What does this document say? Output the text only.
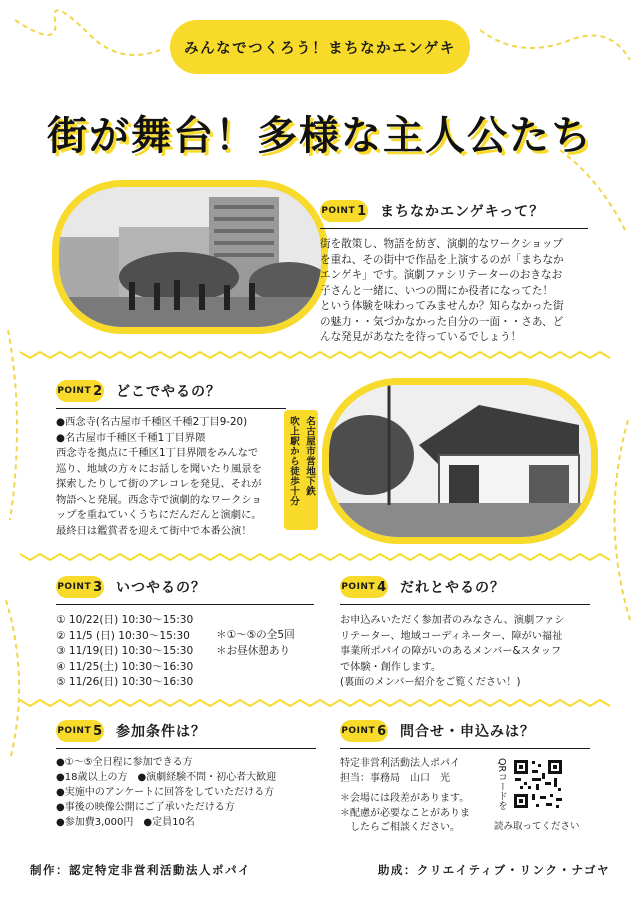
みんなでつくろう！まちなかエンゲキ
街が舞台！多様な主人公たち
POINT 1 まちなかエンゲキって？
街を散策し、物語を紡ぎ、演劇的なワークショップ
を重ね、その街中で作品を上演するのが「まちなか
エンゲキ」です。演劇ファシリテーターのおきなお
子さんと一緒に、いつの間にか役者になってた！
という体験を味わってみませんか？知らなかった街
の魅力・・気づかなかった自分の一面・・さあ、ど
んな発見があなたを待っているでしょう！
POINT 2 どこでやるの？
●西念寺(名古屋市千種区千種2丁目9-20)
●名古屋市千種区千種1丁目界隈
西念寺を拠点に千種区1丁目界隈をみんなで
巡り、地域の方々にお話しを聞いたり風景を
探索したりして街のアレコレを発見、それが
物語へと発展。西念寺で演劇的なワークショ
ップを重ねていくうちにだんだんと演劇に。
最終日は鑑賞者を迎えて街中で本番公演！
名古屋市営地下鉄
吹上駅から徒歩十分
POINT 3 いつやるの？
① 10/22(日) 10:30～15:30
② 11/5 (日) 10:30～15:30
③ 11/19(日) 10:30～15:30
④ 11/25(土) 10:30～16:30
⑤ 11/26(日) 10:30～16:30
＊①～⑤の全5回
＊お昼休憩あり
POINT 4 だれとやるの？
お申込みいただく参加者のみなさん、演劇ファシ
リテーター、地域コーディネーター、障がい福祉
事業所ポパイの障がいのあるメンバー&スタッフ
で体験・創作します。
(裏面のメンバー紹介をご覧ください！)
POINT 5 参加条件は？
●①～⑤全日程に参加できる方
●18歳以上の方　●演劇経験不問・初心者大歓迎
●実施中のアンケートに回答をしていただける方
●事後の映像公開にご了承いただける方
●参加費3,000円　●定員10名
POINT 6 問合せ・申込みは？
特定非営利活動法人ポパイ
担当：事務局　山口　光
＊会場には段差があります。
＊配慮が必要なことがありま
　したらご相談ください。
QRコードを
読み取ってください
制作：認定特定非営利活動法人ポパイ	助成：クリエイティブ・リンク・ナゴヤ
